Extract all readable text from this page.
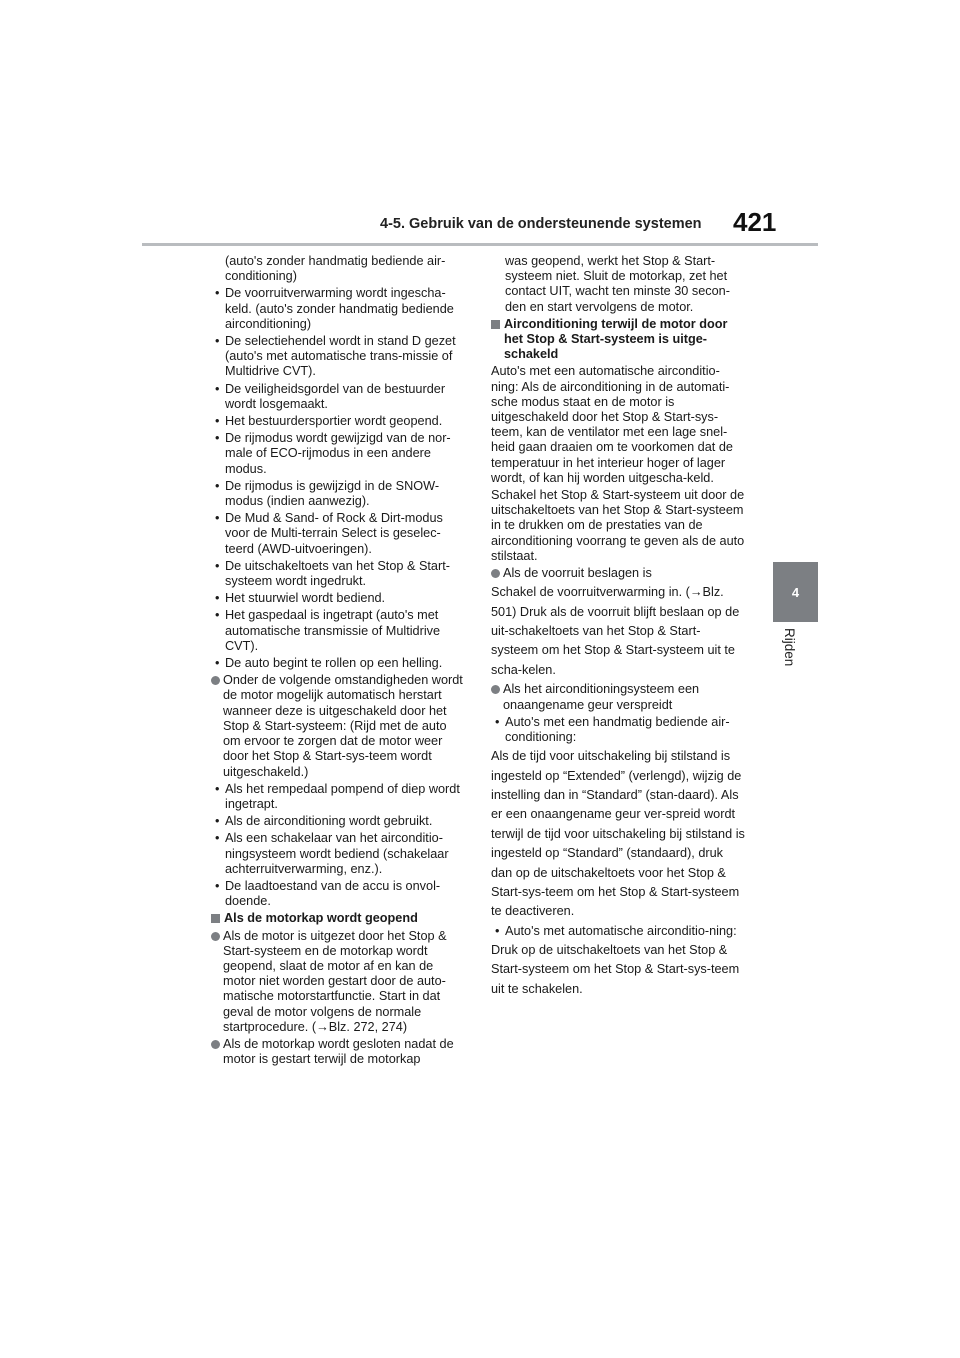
4-5. Gebruik van de ondersteunende systemen 421
4
Rijden
(auto's zonder handmatig bediende air-conditioning)
• De voorruitverwarming wordt ingescha-keld. (auto's zonder handmatig bediende airconditioning)
• De selectiehendel wordt in stand D gezet (auto's met automatische trans-missie of Multidrive CVT).
• De veiligheidsgordel van de bestuurder wordt losgemaakt.
• Het bestuurdersportier wordt geopend.
• De rijmodus wordt gewijzigd van de nor-male of ECO-rijmodus in een andere modus.
• De rijmodus is gewijzigd in de SNOW-modus (indien aanwezig).
• De Mud & Sand- of Rock & Dirt-modus voor de Multi-terrain Select is geselec-teerd (AWD-uitvoeringen).
• De uitschakeltoets van het Stop & Start-systeem wordt ingedrukt.
• Het stuurwiel wordt bediend.
• Het gaspedaal is ingetrapt (auto's met automatische transmissie of Multidrive CVT).
• De auto begint te rollen op een helling.
Onder de volgende omstandigheden wordt de motor mogelijk automatisch herstart wanneer deze is uitgeschakeld door het Stop & Start-systeem: (Rijd met de auto om ervoor te zorgen dat de motor weer door het Stop & Start-sys-teem wordt uitgeschakeld.)
• Als het rempedaal pompend of diep wordt ingetrapt.
• Als de airconditioning wordt gebruikt.
• Als een schakelaar van het airconditio-ningsysteem wordt bediend (schakelaar achterruitverwarming, enz.).
• De laadtoestand van de accu is onvol-doende.
Als de motorkap wordt geopend
Als de motor is uitgezet door het Stop & Start-systeem en de motorkap wordt geopend, slaat de motor af en kan de motor niet worden gestart door de auto-matische motorstartfunctie. Start in dat geval de motor volgens de normale startprocedure. (→Blz. 272, 274)
Als de motorkap wordt gesloten nadat de motor is gestart terwijl de motorkap
was geopend, werkt het Stop & Start-systeem niet. Sluit de motorkap, zet het contact UIT, wacht ten minste 30 secon-den en start vervolgens de motor.
Airconditioning terwijl de motor door het Stop & Start-systeem is uitge-schakeld
Auto's met een automatische airconditio-ning: Als de airconditioning in de automati-sche modus staat en de motor is uitgeschakeld door het Stop & Start-sys-teem, kan de ventilator met een lage snel-heid gaan draaien om te voorkomen dat de temperatuur in het interieur hoger of lager wordt, of kan hij worden uitgescha-keld.
Schakel het Stop & Start-systeem uit door de uitschakeltoets van het Stop & Start-systeem in te drukken om de prestaties van de airconditioning voorrang te geven als de auto stilstaat.
Als de voorruit beslagen is
Schakel de voorruitverwarming in. (→Blz. 501) Druk als de voorruit blijft beslaan op de uit-schakeltoets van het Stop & Start-systeem om het Stop & Start-systeem uit te scha-kelen.
Als het airconditioningsysteem een onaangename geur verspreidt
• Auto's met een handmatig bediende air-conditioning:
Als de tijd voor uitschakeling bij stilstand is ingesteld op “Extended” (verlengd), wijzig de instelling dan in “Standard” (stan-daard). Als er een onaangename geur ver-spreid wordt terwijl de tijd voor uitschakeling bij stilstand is ingesteld op “Standard” (standaard), druk dan op de uitschakeltoets voor het Stop & Start-sys-teem om het Stop & Start-systeem te deactiveren.
• Auto's met automatische airconditio-ning:
Druk op de uitschakeltoets van het Stop & Start-systeem om het Stop & Start-sys-teem uit te schakelen.
